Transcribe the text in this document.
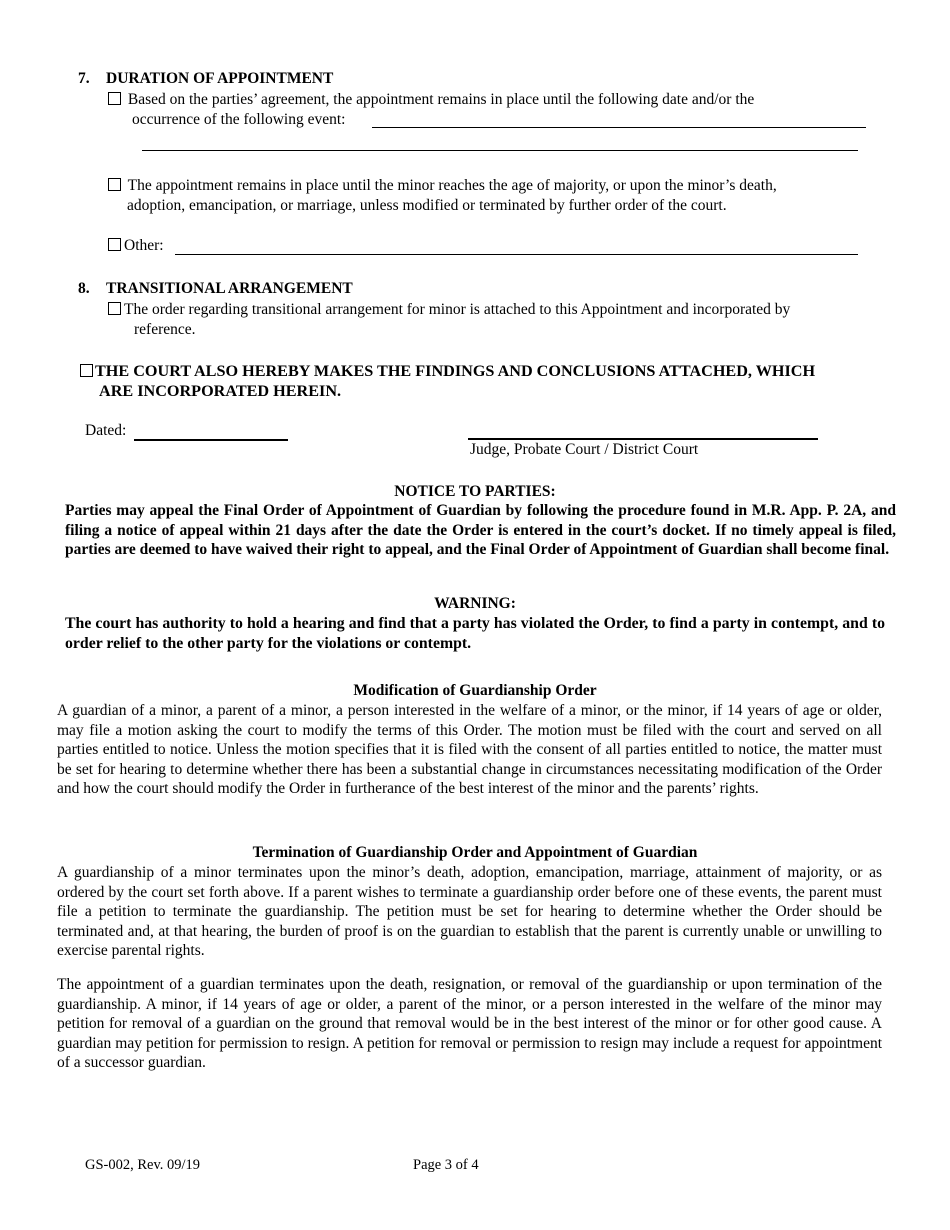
7. DURATION OF APPOINTMENT
Based on the parties’ agreement, the appointment remains in place until the following date and/or the
occurrence of the following event:
The appointment remains in place until the minor reaches the age of majority, or upon the minor’s death,
adoption, emancipation, or marriage, unless modified or terminated by further order of the court.
Other:
8. TRANSITIONAL ARRANGEMENT
The order regarding transitional arrangement for minor is attached to this Appointment and incorporated by
reference.
THE COURT ALSO HEREBY MAKES THE FINDINGS AND CONCLUSIONS ATTACHED, WHICH
ARE INCORPORATED HEREIN.
Dated:
Judge, Probate Court / District Court
NOTICE TO PARTIES:
Parties may appeal the Final Order of Appointment of Guardian by following the procedure found in M.R. App. P. 2A, and filing a notice of appeal within 21 days after the date the Order is entered in the court’s docket. If no timely appeal is filed, parties are deemed to have waived their right to appeal, and the Final Order of Appointment of Guardian shall become final.
WARNING:
The court has authority to hold a hearing and find that a party has violated the Order, to find a party in contempt, and to order relief to the other party for the violations or contempt.
Modification of Guardianship Order
A guardian of a minor, a parent of a minor, a person interested in the welfare of a minor, or the minor, if 14 years of age or older, may file a motion asking the court to modify the terms of this Order. The motion must be filed with the court and served on all parties entitled to notice. Unless the motion specifies that it is filed with the consent of all parties entitled to notice, the matter must be set for hearing to determine whether there has been a substantial change in circumstances necessitating modification of the Order and how the court should modify the Order in furtherance of the best interest of the minor and the parents’ rights.
Termination of Guardianship Order and Appointment of Guardian
A guardianship of a minor terminates upon the minor’s death, adoption, emancipation, marriage, attainment of majority, or as ordered by the court set forth above. If a parent wishes to terminate a guardianship order before one of these events, the parent must file a petition to terminate the guardianship. The petition must be set for hearing to determine whether the Order should be terminated and, at that hearing, the burden of proof is on the guardian to establish that the parent is currently unable or unwilling to exercise parental rights.
The appointment of a guardian terminates upon the death, resignation, or removal of the guardianship or upon termination of the guardianship. A minor, if 14 years of age or older, a parent of the minor, or a person interested in the welfare of the minor may petition for removal of a guardian on the ground that removal would be in the best interest of the minor or for other good cause. A guardian may petition for permission to resign. A petition for removal or permission to resign may include a request for appointment of a successor guardian.
GS-002, Rev. 09/19	Page 3 of 4
